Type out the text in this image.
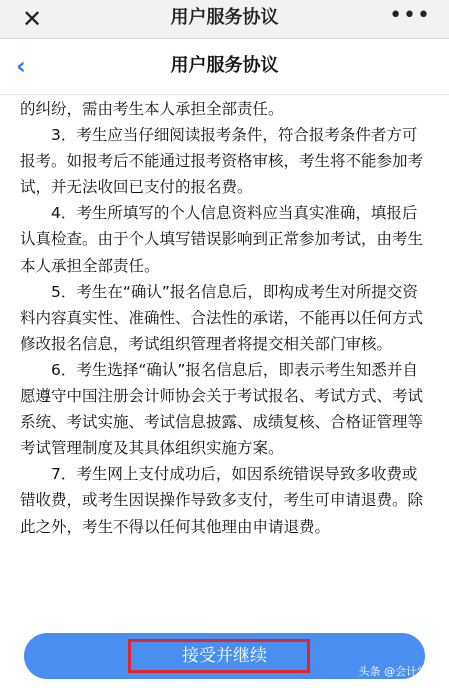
✕	用户服务协议	•••
‹	用户服务协议

的纠纷，需由考生本人承担全部责任。

3．考生应当仔细阅读报考条件，符合报考条件者方可报考。如报考后不能通过报考资格审核，考生将不能参加考试，并无法收回已支付的报名费。

4．考生所填写的个人信息资料应当真实准确，填报后认真检查。由于个人填写错误影响到正常参加考试，由考生本人承担全部责任。

5．考生在“确认”报名信息后，即构成考生对所提交资料内容真实性、准确性、合法性的承诺，不能再以任何方式修改报名信息，考试组织管理者将提交相关部门审核。

6．考生选择“确认”报名信息后，即表示考生知悉并自愿遵守中国注册会计师协会关于考试报名、考试方式、考试系统、考试实施、考试信息披露、成绩复核、合格证管理等考试管理制度及其具体组织实施方案。

7．考生网上支付成功后，如因系统错误导致多收费或错收费，或考生因误操作导致多支付，考生可申请退费。除此之外，考生不得以任何其他理由申请退费。

接受并继续
头条 @会计学堂
